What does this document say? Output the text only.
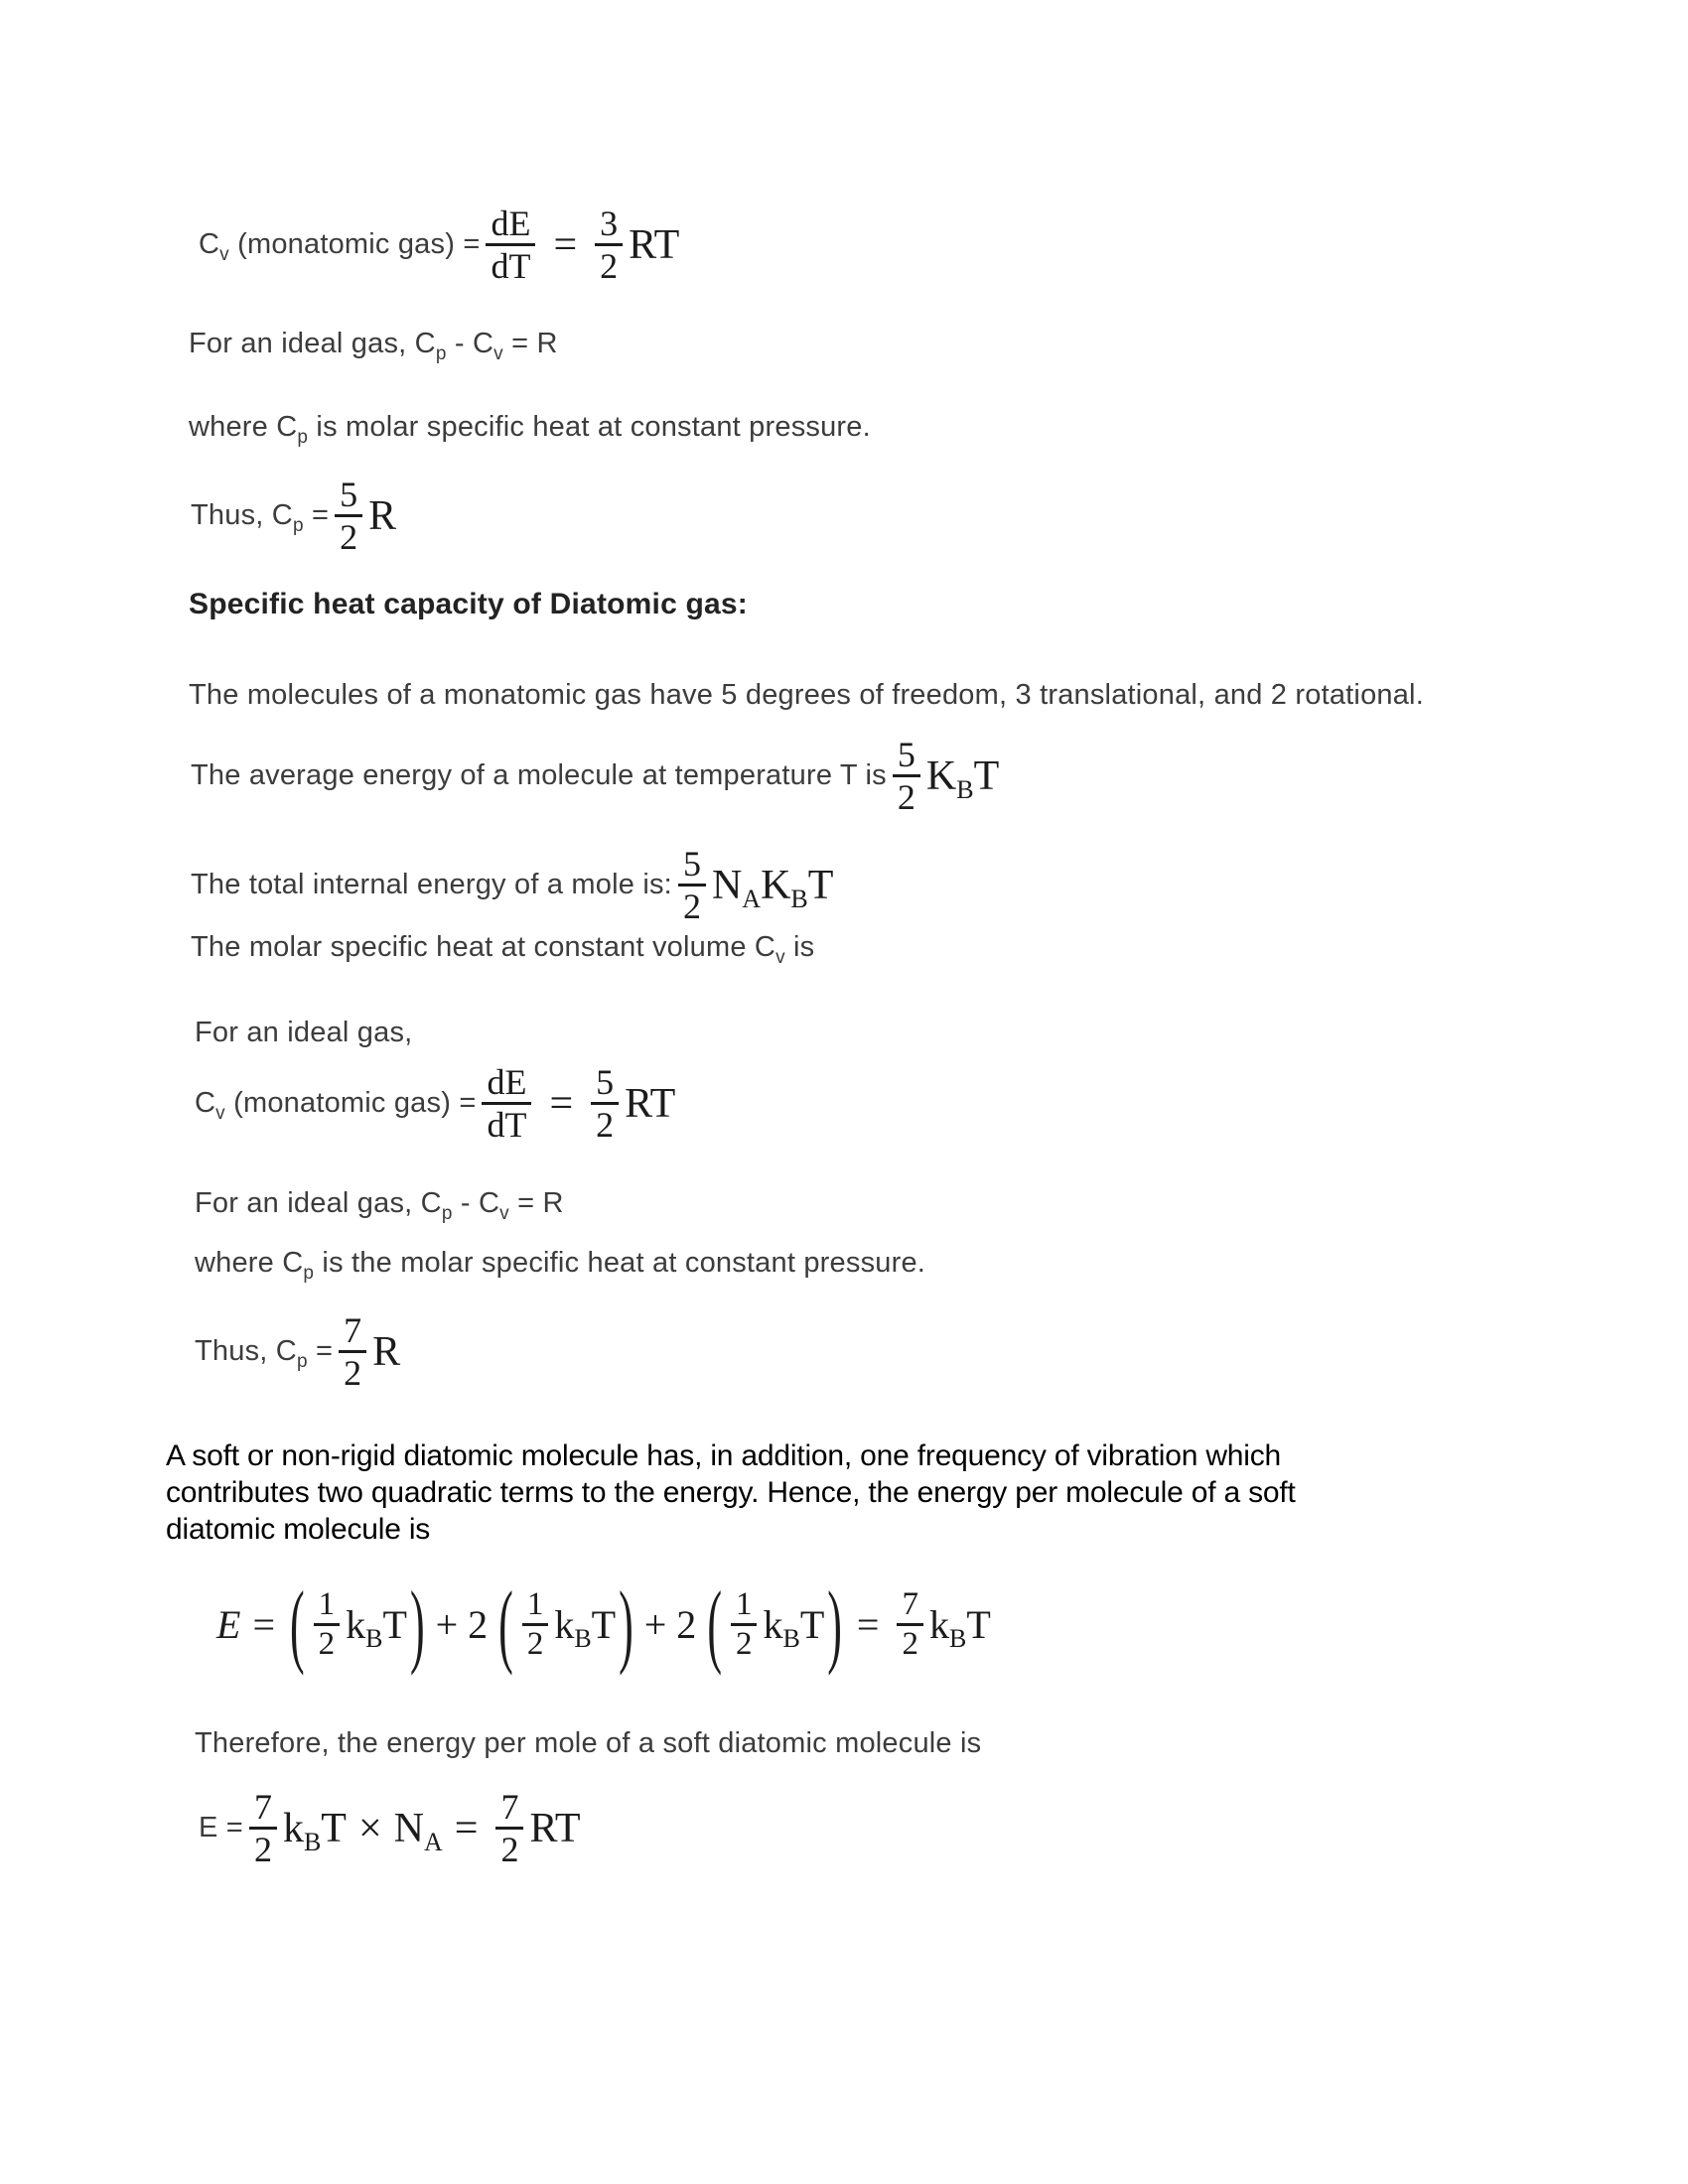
$C_v$ (monatomic $gas) = \frac{dE}{dT} = \frac{3}{2}$ RT
For an ideal gas, $C_p - C_v = R$
where $C_p$ is molar specific heat at constant pressure.
Thus, $C_p = \frac{5}{2}$ R
Specific heat capacity of Diatomic gas:
The molecules of a monatomic gas have 5 degrees of freedom, 3 translational, and 2 rotational.
The average energy of a molecule at temperature T is $\frac{5}{2} K_BT$
The total internal energy of a mole is: $\frac{5}{2} N_AK_BT$
The molar specific heat at constant volume $C_v$ is
For an ideal gas,
$C_v$ (monatomic $gas) = \frac{dE}{dT} = \frac{5}{2}$ RT
For an ideal gas, $C_p - C_v = R$
where $C_p$ is the molar specific heat at constant pressure.
Thus, $C_p = \frac{7}{2}$ R
A soft or non-rigid diatomic molecule has, in addition, one frequency of vibration which
contributes two quadratic terms to the energy. Hence, the energy per molecule of a soft
diatomic molecule is
E = ( $\frac{1}{2} k_BT$ ) + 2 ( $\frac{1}{2} k_BT$ ) + 2 ( $\frac{1}{2} k_BT$ ) = $\frac{7}{2} k_BT$
Therefore, the energy per mole of a soft diatomic molecule is
$E = \frac{7}{2} k_BT \times N_A = \frac{7}{2}$ RT
